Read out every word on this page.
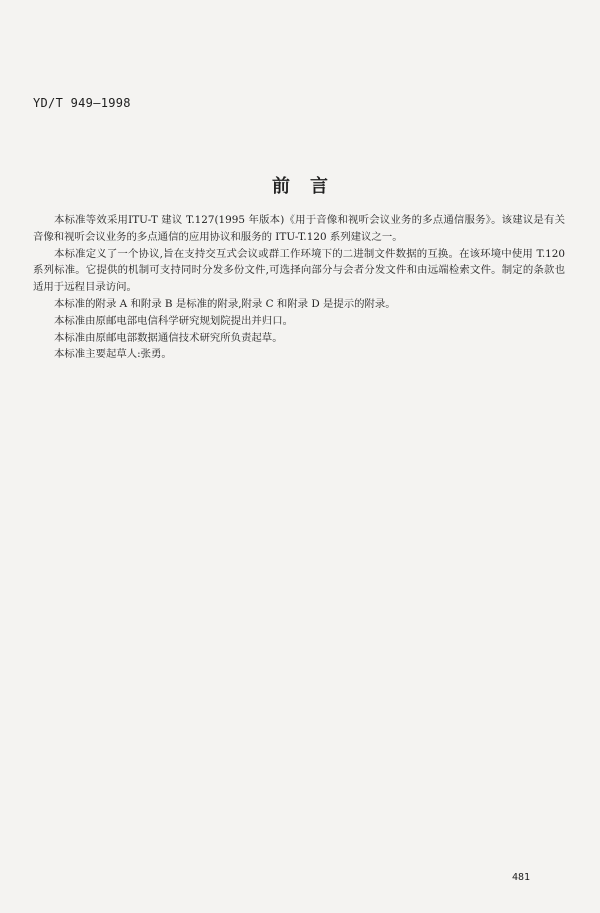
YD/T 949—1998
前言

本标准等效采用ITU-T 建议 T.127(1995 年版本)《用于音像和视听会议业务的多点通信服务》。该建议是有关音像和视听会议业务的多点通信的应用协议和服务的 ITU-T.120 系列建议之一。

本标准定义了一个协议,旨在支持交互式会议或群工作环境下的二进制文件数据的互换。在该环境中使用 T.120 系列标准。它提供的机制可支持同时分发多份文件,可选择向部分与会者分发文件和由远端检索文件。制定的条款也适用于远程目录访问。

本标准的附录 A 和附录 B 是标准的附录,附录 C 和附录 D 是提示的附录。

本标准由原邮电部电信科学研究规划院提出并归口。

本标准由原邮电部数据通信技术研究所负责起草。

本标准主要起草人:张勇。

481
